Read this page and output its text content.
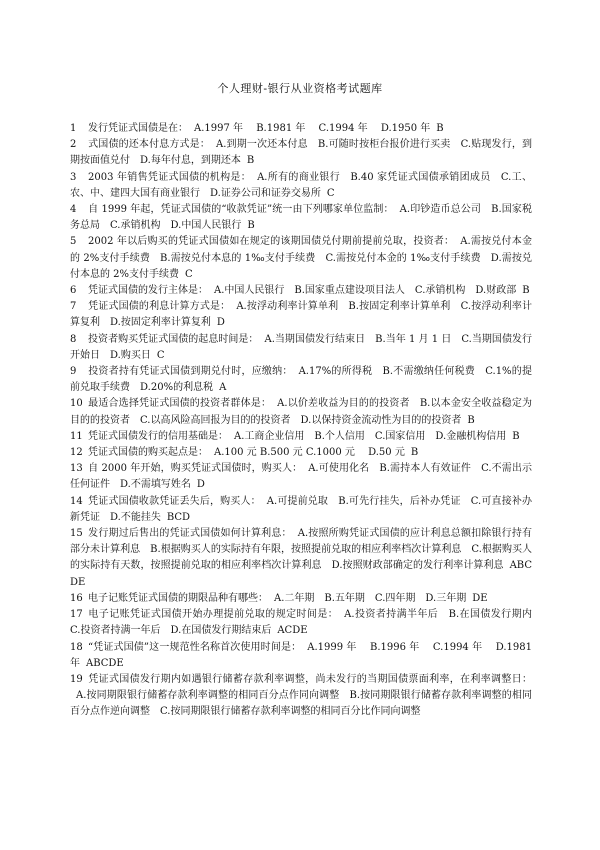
个人理财-银行从业资格考试题库
1 发行凭证式国债是在： A.1997 年　 B.1981 年　 C.1994 年　 D.1950 年 B
2 式国债的还本付息方式是： A.到期一次还本付息　B.可随时按柜台报价进行买卖　C.贴现发行，到期按面值兑付　D.每年付息，到期还本 B
3 2003 年销售凭证式国债的机构是： A.所有的商业银行　B.40 家凭证式国债承销团成员　C.工、农、中、建四大国有商业银行　D.证券公司和证券交易所 C
4 自 1999 年起，凭证式国债的“收款凭证”统一由下列哪家单位监制： A.印钞造币总公司　B.国家税务总局　C.承销机构　D.中国人民银行 B
5 2002 年以后购买的凭证式国债如在规定的该期国债兑付期前提前兑取，投资者： A.需按兑付本金的 2%支付手续费　B.需按兑付本息的 1‰支付手续费　C.需按兑付本金的 1‰支付手续费　D.需按兑付本息的 2%支付手续费 C
6 凭证式国债的发行主体是： A.中国人民银行　B.国家重点建设项目法人　C.承销机构　D.财政部 B
7 凭证式国债的利息计算方式是： A.按浮动利率计算单利　B.按固定利率计算单利　C.按浮动利率计算复利　D.按固定利率计算复利 D
8 投资者购买凭证式国债的起息时间是： A.当期国债发行结束日　B.当年 1 月 1 日　C.当期国债发行开始日　D.购买日 C
9 投资者持有凭证式国债到期兑付时，应缴纳： A.17%的所得税　B.不需缴纳任何税费　C.1%的提前兑取手续费　D.20%的利息税 A
10 最适合选择凭证式国债的投资者群体是： A.以价差收益为目的的投资者　B.以本金安全收益稳定为目的的投资者　C.以高风险高回报为目的的投资者　D.以保持资金流动性为目的的投资者 B
11 凭证式国债发行的信用基础是： A.工商企业信用　B.个人信用　C.国家信用　D.金融机构信用 B
12 凭证式国债的购买起点是： A.100 元 B.500 元 C.1000 元　 D.50 元 B
13 自 2000 年开始，购买凭证式国债时，购买人： A.可使用化名　B.需持本人有效证件　C.不需出示任何证件　D.不需填写姓名 D
14 凭证式国债收款凭证丢失后，购买人： A.可提前兑取　B.可先行挂失，后补办凭证　C.可直接补办新凭证　D.不能挂失 BCD
15 发行期过后售出的凭证式国债如何计算利息： A.按照所购凭证式国债的应计利息总额扣除银行持有部分未计算利息　B.根据购买人的实际持有年限，按照提前兑取的相应利率档次计算利息　C.根据购买人的实际持有天数，按照提前兑取的相应利率档次计算利息　D.按照财政部确定的发行利率计算利息 ABCDE
16 电子记账凭证式国债的期限品种有哪些： A.二年期　B.五年期　C.四年期　D.三年期 DE
17 电子记账凭证式国债开始办理提前兑取的规定时间是： A.投资者持满半年后　B.在国债发行期内　C.投资者持满一年后　D.在国债发行期结束后 ACDE
18 “凭证式国债”这一规范性名称首次使用时间是： A.1999 年　 B.1996 年　 C.1994 年　 D.1981 年 ABCDE
19 凭证式国债发行期内如遇银行储蓄存款利率调整，尚未发行的当期国债票面利率，在利率调整日：A.按同期限银行储蓄存款利率调整的相同百分点作同向调整　B.按同期限银行储蓄存款利率调整的相同百分点作逆向调整　C.按同期限银行储蓄存款利率调整的相同百分比作同向调整
